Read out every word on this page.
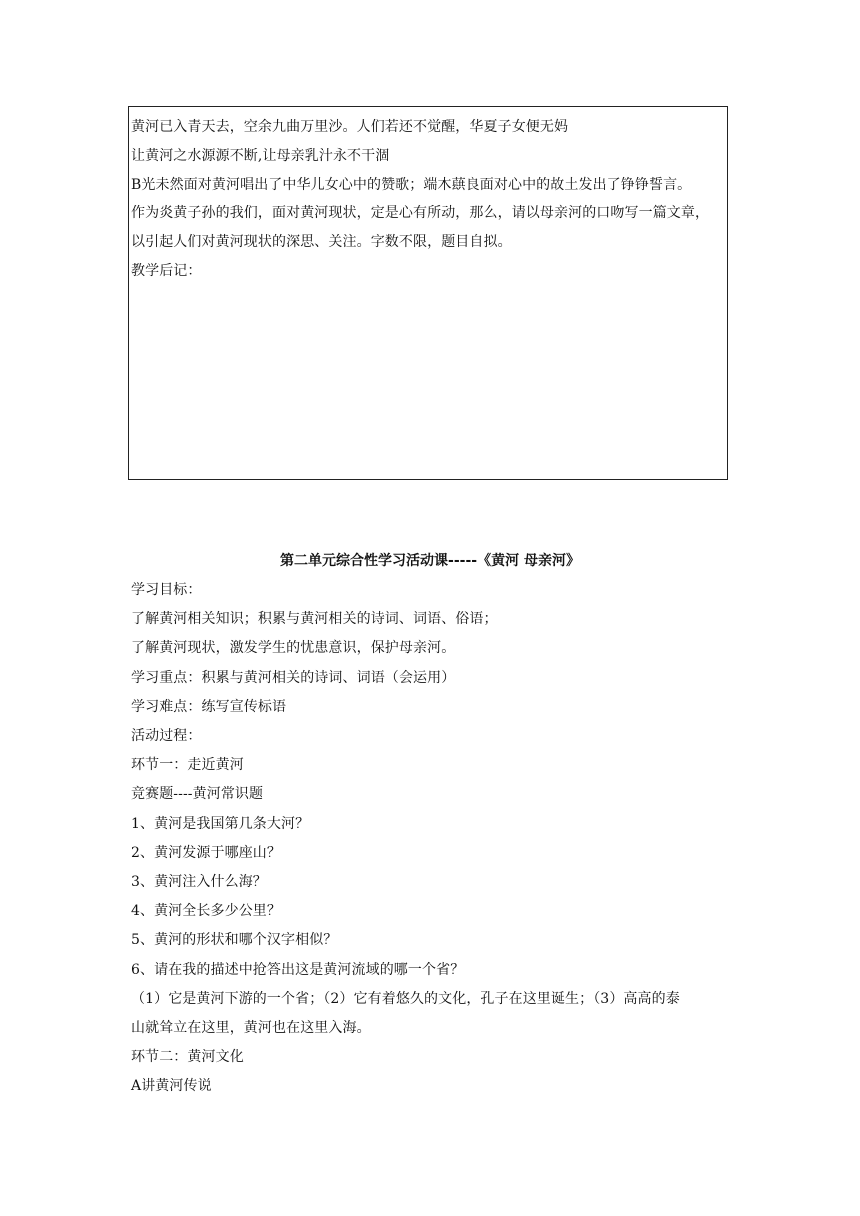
黄河已入青天去，空余九曲万里沙。人们若还不觉醒，华夏子女便无妈
让黄河之水源源不断,让母亲乳汁永不干涸
B光未然面对黄河唱出了中华儿女心中的赞歌；端木蕻良面对心中的故土发出了铮铮誓言。
作为炎黄子孙的我们，面对黄河现状，定是心有所动，那么，请以母亲河的口吻写一篇文章，
以引起人们对黄河现状的深思、关注。字数不限，题目自拟。
教学后记：
第二单元综合性学习活动课-----《黄河 母亲河》
学习目标：
了解黄河相关知识；积累与黄河相关的诗词、词语、俗语；
了解黄河现状，激发学生的忧患意识，保护母亲河。
学习重点：积累与黄河相关的诗词、词语（会运用）
学习难点：练写宣传标语
活动过程：
环节一：走近黄河
竞赛题----黄河常识题
1、黄河是我国第几条大河？
2、黄河发源于哪座山？
3、黄河注入什么海？
4、黄河全长多少公里？
5、黄河的形状和哪个汉字相似？
6、请在我的描述中抢答出这是黄河流域的哪一个省？
（1）它是黄河下游的一个省；（2）它有着悠久的文化，孔子在这里诞生；（3）高高的泰
山就耸立在这里，黄河也在这里入海。
环节二：黄河文化
A讲黄河传说
